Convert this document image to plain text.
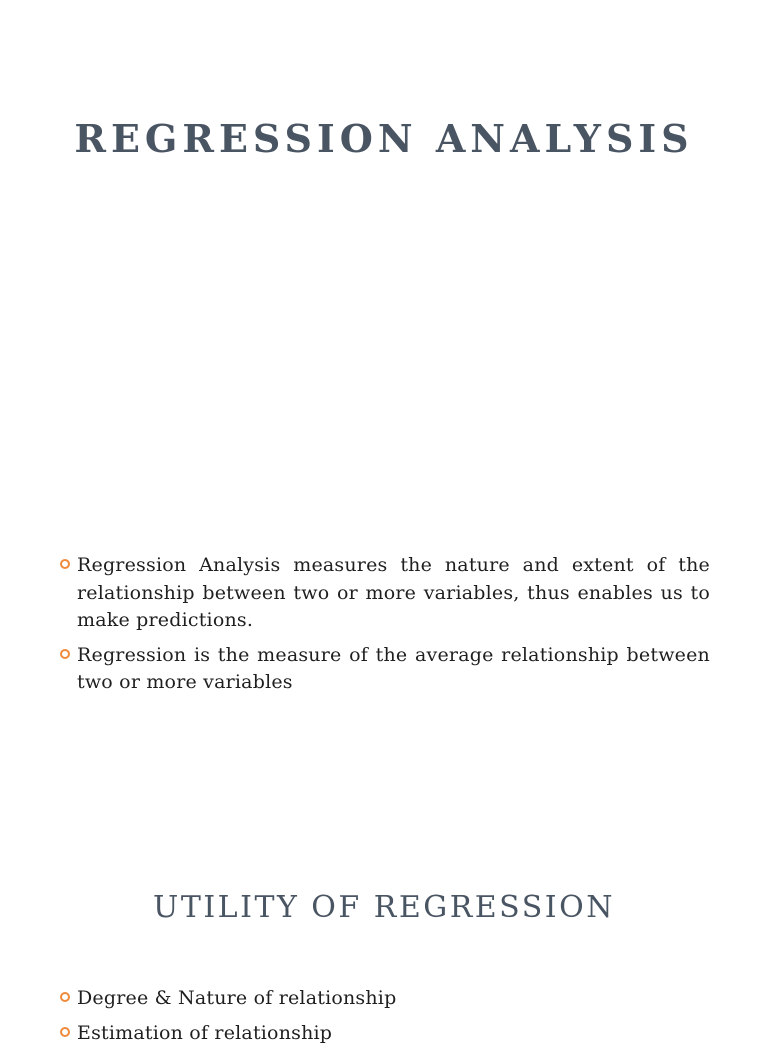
REGRESSION ANALYSIS
Regression Analysis measures the nature and extent of the relationship between two or more variables, thus enables us to make predictions.
Regression is the measure of the average relationship between two or more variables
UTILITY OF REGRESSION
Degree & Nature of relationship
Estimation of relationship
